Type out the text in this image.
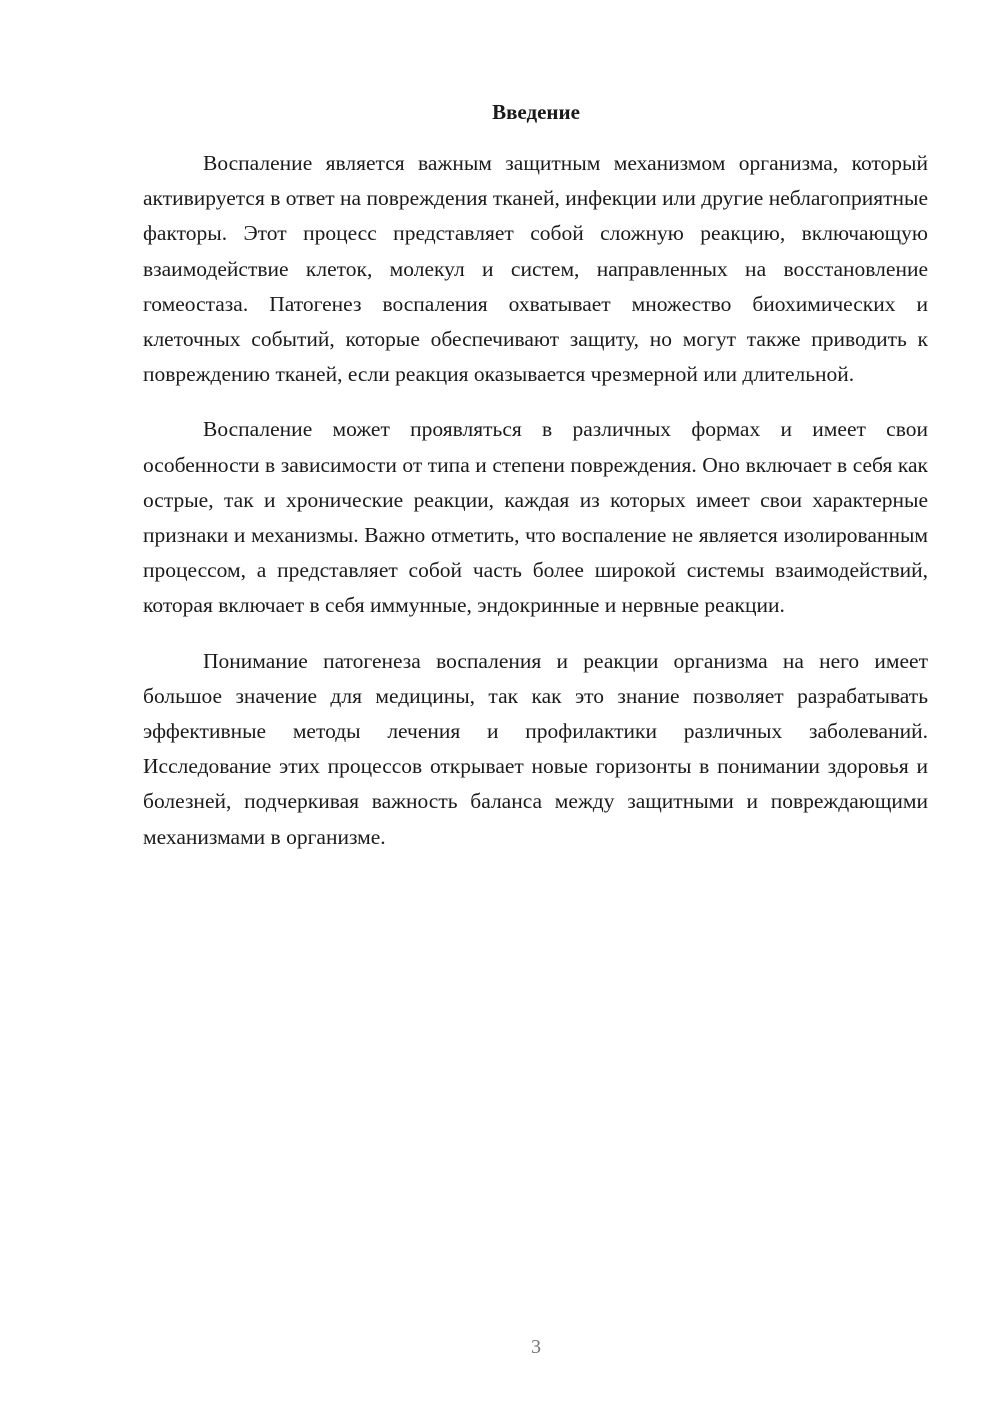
Введение

Воспаление является важным защитным механизмом организма, который активируется в ответ на повреждения тканей, инфекции или другие неблагоприятные факторы. Этот процесс представляет собой сложную реакцию, включающую взаимодействие клеток, молекул и систем, направленных на восстановление гомеостаза. Патогенез воспаления охватывает множество биохимических и клеточных событий, которые обеспечивают защиту, но могут также приводить к повреждению тканей, если реакция оказывается чрезмерной или длительной.

Воспаление может проявляться в различных формах и имеет свои особенности в зависимости от типа и степени повреждения. Оно включает в себя как острые, так и хронические реакции, каждая из которых имеет свои характерные признаки и механизмы. Важно отметить, что воспаление не является изолированным процессом, а представляет собой часть более широкой системы взаимодействий, которая включает в себя иммунные, эндокринные и нервные реакции.

Понимание патогенеза воспаления и реакции организма на него имеет большое значение для медицины, так как это знание позволяет разрабатывать эффективные методы лечения и профилактики различных заболеваний. Исследование этих процессов открывает новые горизонты в понимании здоровья и болезней, подчеркивая важность баланса между защитными и повреждающими механизмами в организме.

3
